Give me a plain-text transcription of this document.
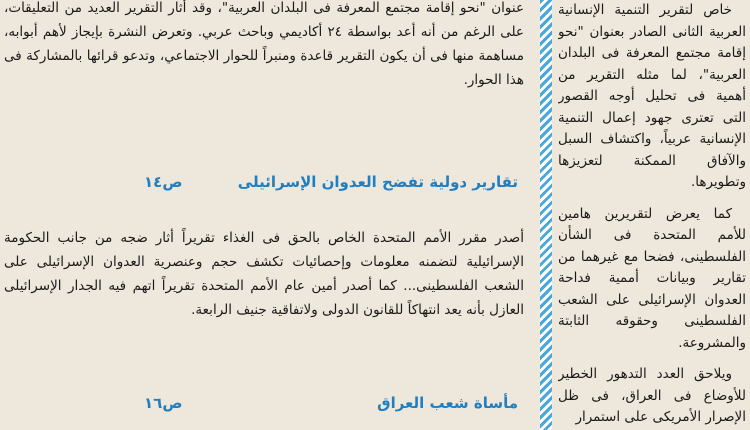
عنوان "نحو إقامة مجتمع المعرفة فى البلدان العربية"، وقد أثار التقرير العديد من التعليقات، على الرغم من أنه أعد بواسطة ٢٤ أكاديمي وباحث عربي. وتعرض النشرة بإيجاز لأهم أبوابه، مساهمة منها فى أن يكون التقرير قاعدة ومنبراً للحوار الاجتماعي، وتدعو قرائها بالمشاركة فى هذا الحوار.

تقارير دولية تفضح العدوان الإسرائيلى
ص١٤

أصدر مقرر الأمم المتحدة الخاص بالحق فى الغذاء تقريراً أثار ضجه من جانب الحكومة الإسرائيلية لتضمنه معلومات وإحصائيات تكشف حجم وعنصرية العدوان الإسرائيلى على الشعب الفلسطينى... كما أصدر أمين عام الأمم المتحدة تقريراً اتهم فيه الجدار الإسرائيلى العازل بأنه يعد انتهاكاً للقانون الدولى ولاتفاقية جنيف الرابعة.

مأساة شعب العراق
ص١٦

خاص لتقرير التنمية الإنسانية العربية الثانى الصادر بعنوان "نحو إقامة مجتمع المعرفة فى البلدان العربية"، لما مثله التقرير من أهمية فى تحليل أوجه القصور التى تعترى جهود إعمال التنمية الإنسانية عربياً، واكتشاف السبل والآفاق الممكنة لتعزيزها وتطويرها.

كما يعرض لتقريرين هامين للأمم المتحدة فى الشأن الفلسطينى، فضحا مع غيرهما من تقارير وبيانات أممية فداحة العدوان الإسرائيلى على الشعب الفلسطينى وحقوقه الثابتة والمشروعة.

ويلاحق العدد التدهور الخطير للأوضاع فى العراق، فى ظل الإصرار الأمريكى على استمرار
